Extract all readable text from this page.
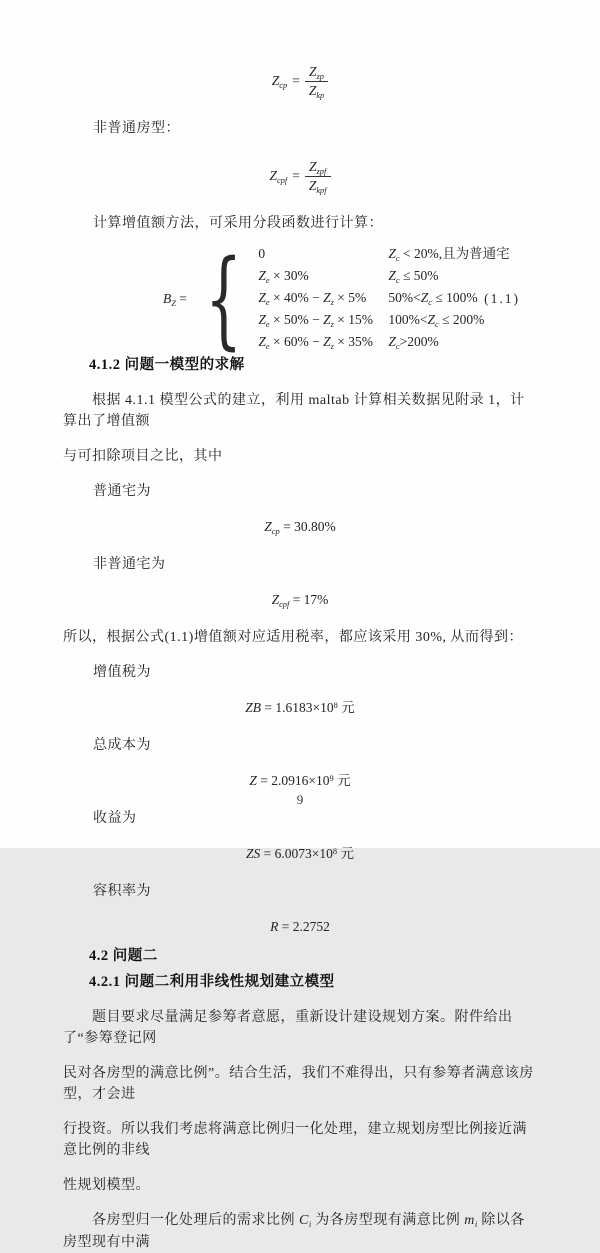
$Z_{cp} = \frac{Z_{zp}}{Z_{kp}}$

非普通房型：

$Z_{cpf} = \frac{Z_{zpf}}{Z_{kpf}}$

计算增值额方法，可采用分段函数进行计算：

$B_Z$ = { 0	$Z_c < 20\%$,且为普通宅
$Z_e \times 30\%$	$Z_c \le 50\%$
$Z_e \times 40\% - Z_z \times 5\%$	$50\%<Z_c \le 100\%$
$Z_e \times 50\% - Z_z \times 15\%$	$100\%<Z_c \le 200\%$
$Z_e \times 60\% - Z_z \times 35\%$	$Z_c>200\%$
(1.1)
4.1.2 问题一模型的求解

根据 4.1.1 模型公式的建立，利用 maltab 计算相关数据见附录 1，计算出了增值额

与可扣除项目之比，其中

普通宅为

$Z_{cp} = 30.80\%$

非普通宅为

$Z_{cpf} = 17\%$

所以，根据公式(1.1)增值额对应适用税率，都应该采用 30%, 从而得到：

增值税为

ZB = $1.6183\times 10^8$ 元

总成本为

$Z = 2.0916\times 10^9$ 元

收益为

ZS = $6.0073\times 10^8$ 元

容积率为

R = 2.2752
4.2 问题二
4.2.1 问题二利用非线性规划建立模型

题目要求尽量满足参筹者意愿，重新设计建设规划方案。附件给出了“参筹登记网

民对各房型的满意比例”。结合生活，我们不难得出，只有参筹者满意该房型，才会进

行投资。所以我们考虑将满意比例归一化处理，建立规划房型比例接近满意比例的非线

性规划模型。

各房型归一化处理后的需求比例 $C_i$ 为各房型现有满意比例 $m_i$ 除以各房型现有中满

9
